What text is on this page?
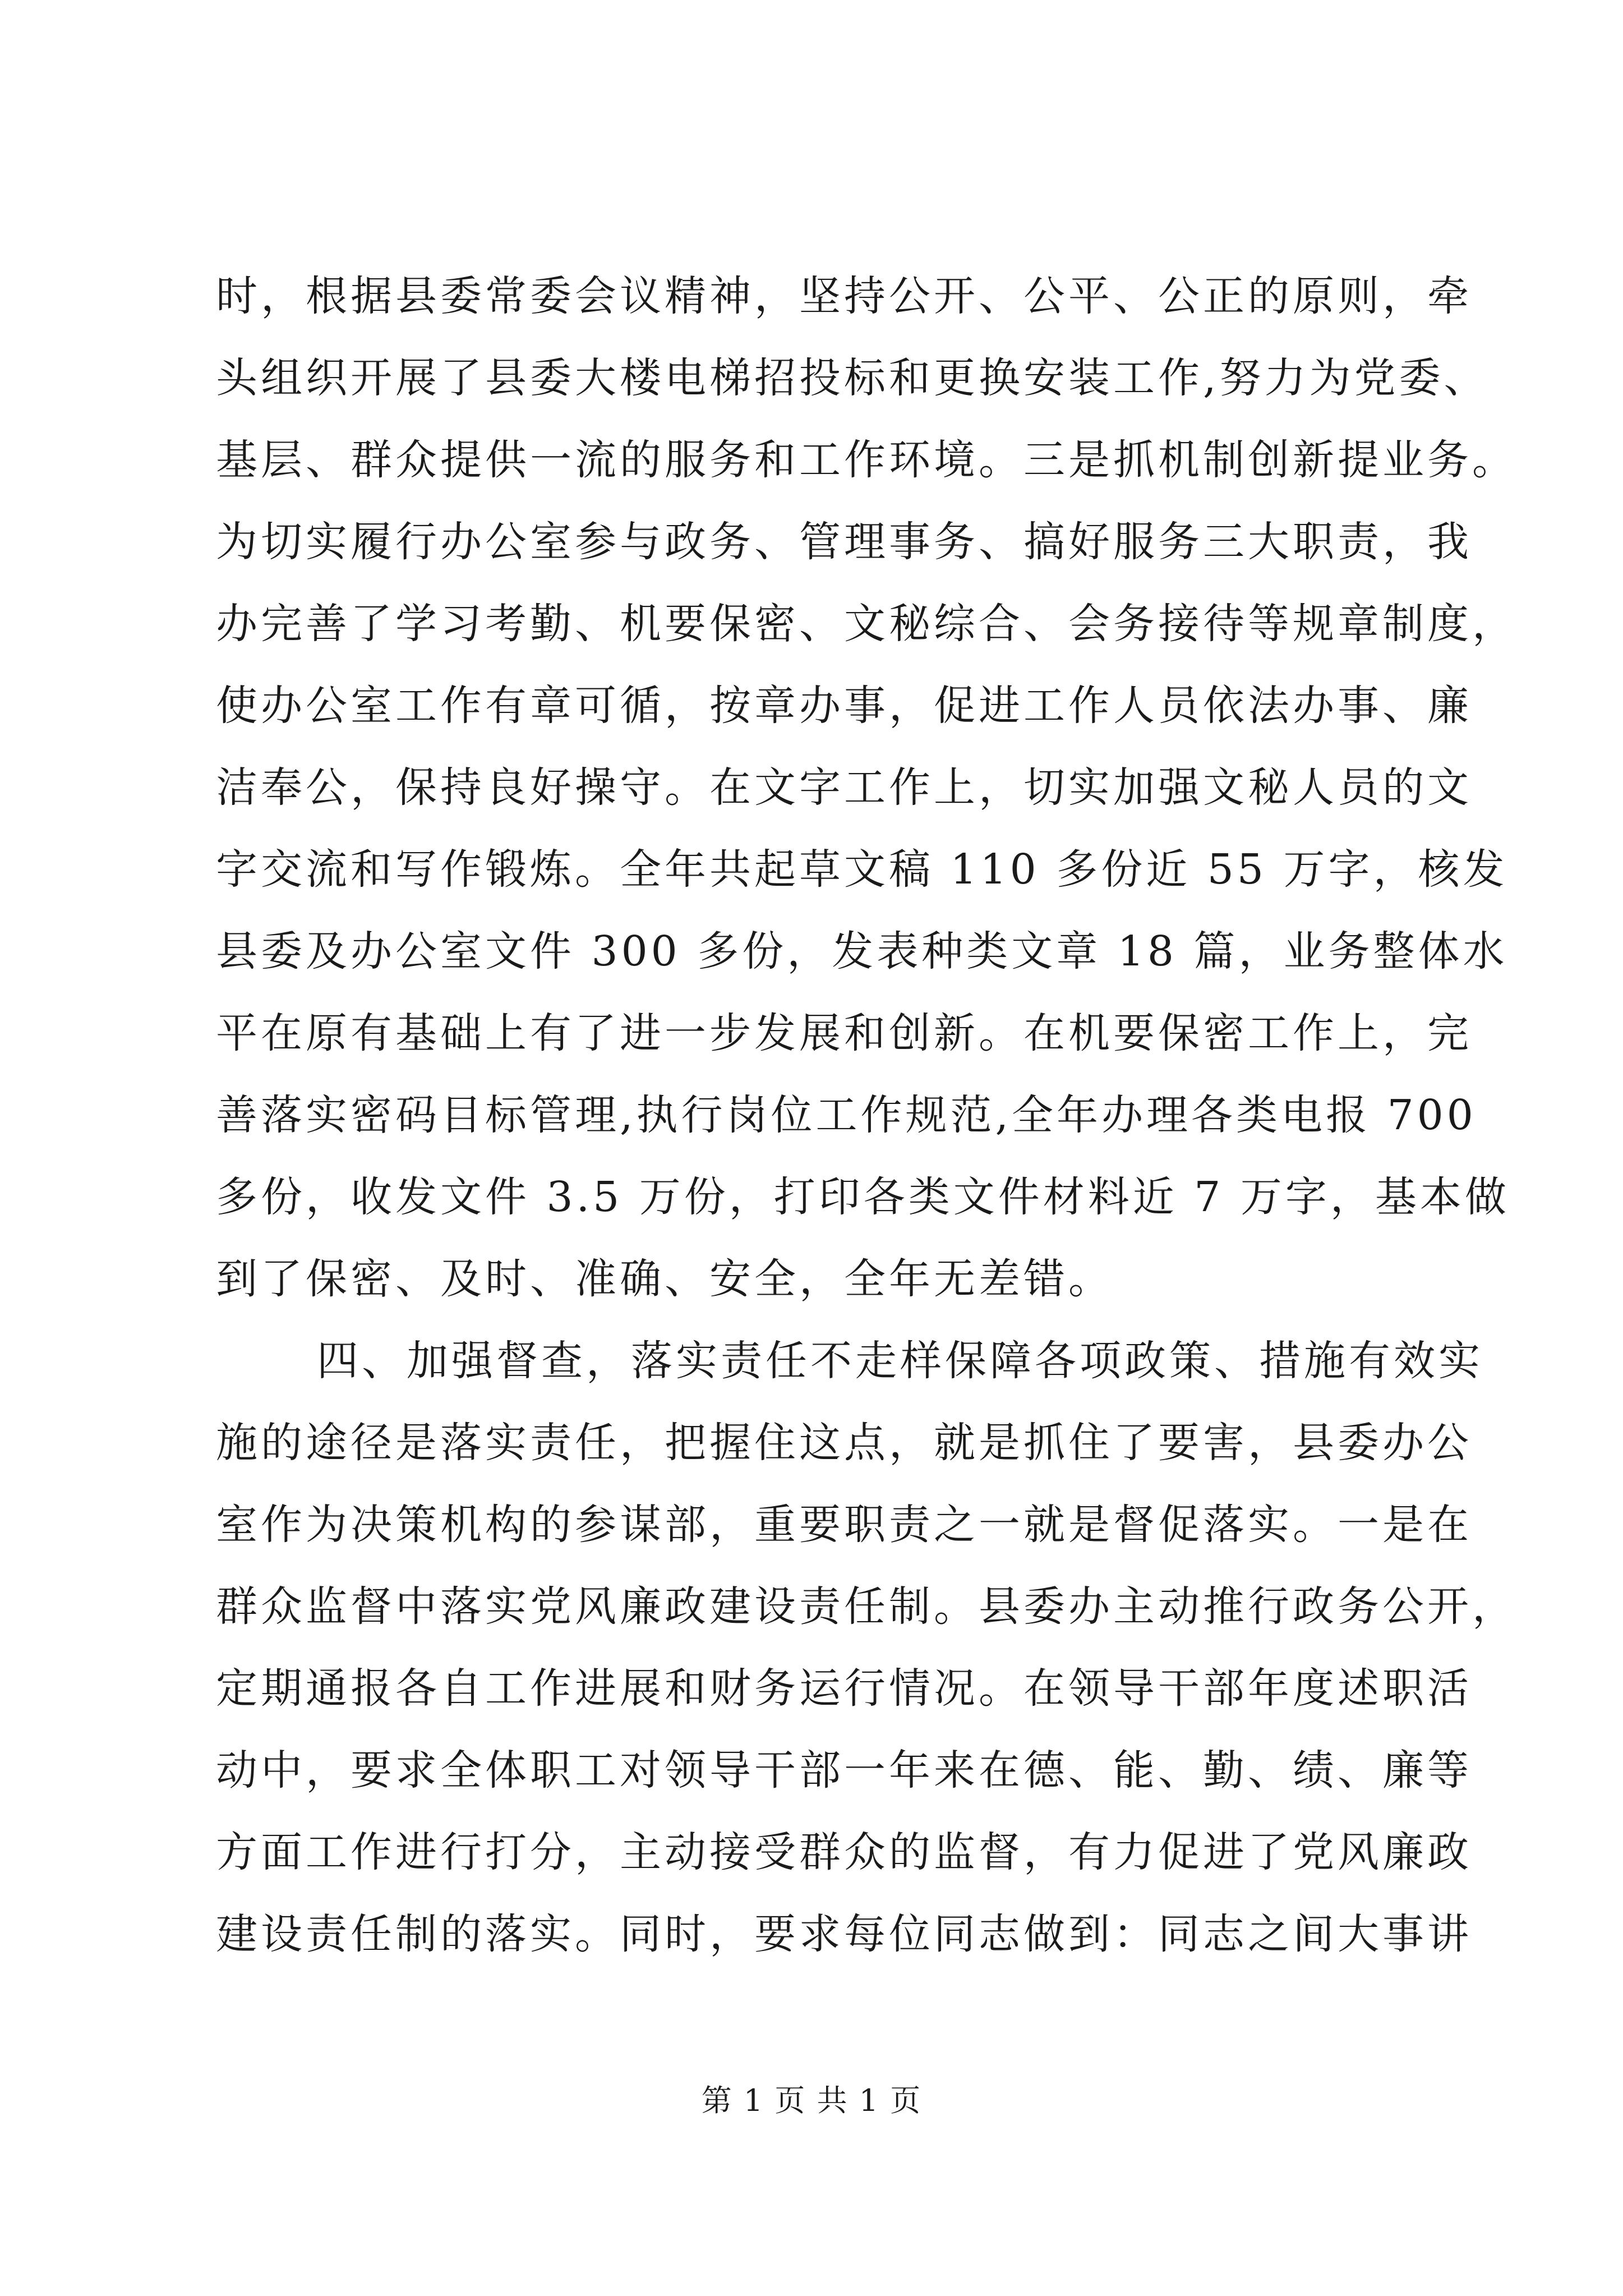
时，根据县委常委会议精神，坚持公开、公平、公正的原则，牵
头组织开展了县委大楼电梯招投标和更换安装工作,努力为党委、
基层、群众提供一流的服务和工作环境。三是抓机制创新提业务。
为切实履行办公室参与政务、管理事务、搞好服务三大职责，我
办完善了学习考勤、机要保密、文秘综合、会务接待等规章制度，
使办公室工作有章可循，按章办事，促进工作人员依法办事、廉
洁奉公，保持良好操守。在文字工作上，切实加强文秘人员的文
字交流和写作锻炼。全年共起草文稿 110 多份近 55 万字，核发
县委及办公室文件 300 多份，发表种类文章 18 篇，业务整体水
平在原有基础上有了进一步发展和创新。在机要保密工作上，完
善落实密码目标管理,执行岗位工作规范,全年办理各类电报 700
多份，收发文件 3.5 万份，打印各类文件材料近 7 万字，基本做
到了保密、及时、准确、安全，全年无差错。
四、加强督查，落实责任不走样保障各项政策、措施有效实
施的途径是落实责任，把握住这点，就是抓住了要害，县委办公
室作为决策机构的参谋部，重要职责之一就是督促落实。一是在
群众监督中落实党风廉政建设责任制。县委办主动推行政务公开，
定期通报各自工作进展和财务运行情况。在领导干部年度述职活
动中，要求全体职工对领导干部一年来在德、能、勤、绩、廉等
方面工作进行打分，主动接受群众的监督，有力促进了党风廉政
建设责任制的落实。同时，要求每位同志做到：同志之间大事讲
第 1 页 共 1 页
